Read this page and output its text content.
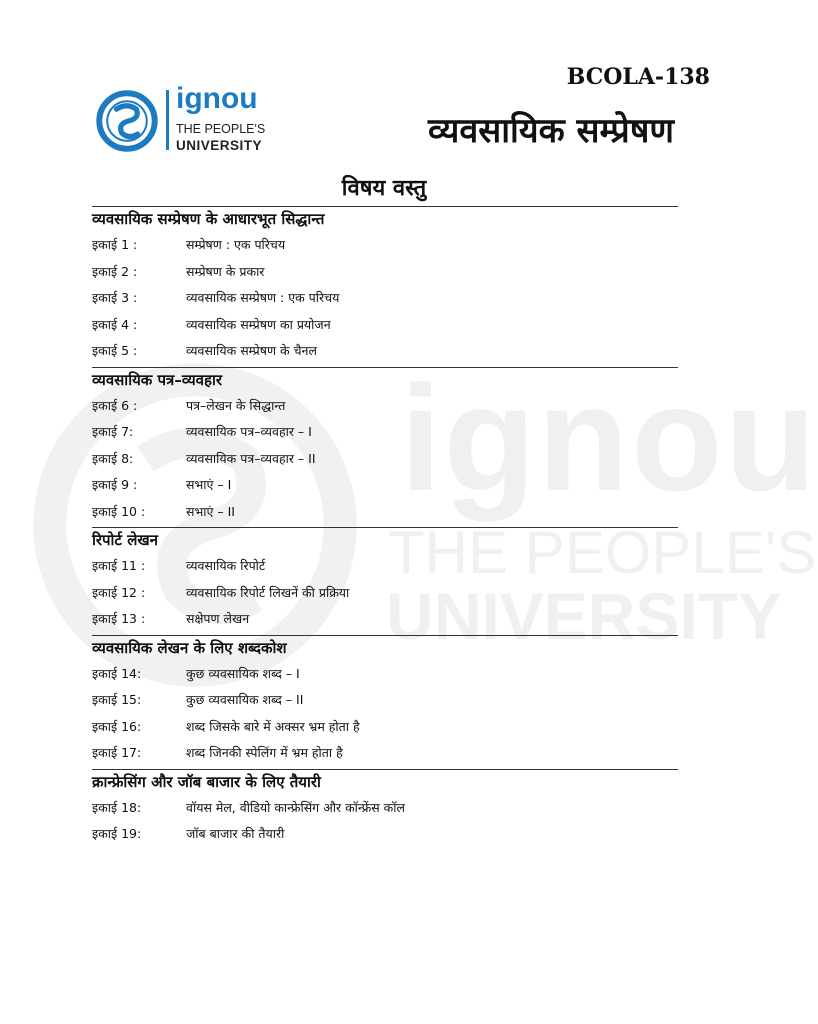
ignou
THE PEOPLE'S
UNIVERSITY
BCOLA-138
ignou
THE PEOPLE'S
UNIVERSITY	व्यवसायिक सम्प्रेषण
विषय वस्तु
व्यवसायिक सम्प्रेषण के आधारभूत सिद्धान्त
इकाई 1 :	सम्प्रेषण : एक परिचय
इकाई 2 :	सम्प्रेषण के प्रकार
इकाई 3 :	व्यवसायिक सम्प्रेषण : एक परिचय
इकाई 4 :	व्यवसायिक सम्प्रेषण का प्रयोजन
इकाई 5 :	व्यवसायिक सम्प्रेषण के चैनल
व्यवसायिक पत्र–व्यवहार
इकाई 6 :	पत्र–लेखन के सिद्धान्त
इकाई 7:	व्यवसायिक पत्र–व्यवहार – I
इकाई 8:	व्यवसायिक पत्र–व्यवहार – II
इकाई 9 :	सभाएं – I
इकाई 10 :	सभाएं – II
रिपोर्ट लेखन
इकाई 11 :	व्यवसायिक रिपोर्ट
इकाई 12 :	व्यवसायिक रिपोर्ट लिखनें की प्रक्रिया
इकाई 13 :	सक्षेपण लेखन
व्यवसायिक लेखन के लिए शब्दकोश
इकाई 14:	कुछ व्यवसायिक शब्द – I
इकाई 15:	कुछ व्यवसायिक शब्द – II
इकाई 16:	शब्द जिसके बारे में अक्सर भ्रम होता है
इकाई 17:	शब्द जिनकी स्पेलिंग में भ्रम होता है
क्रान्फ्रेसिंग और जॉब बाजार के लिए तैयारी
इकाई 18:	वॉयस मेल, वीडियो कान्फ्रेसिंग और कॉन्फ्रेंस कॉल
इकाई 19:	जॉब बाजार की तैयारी
